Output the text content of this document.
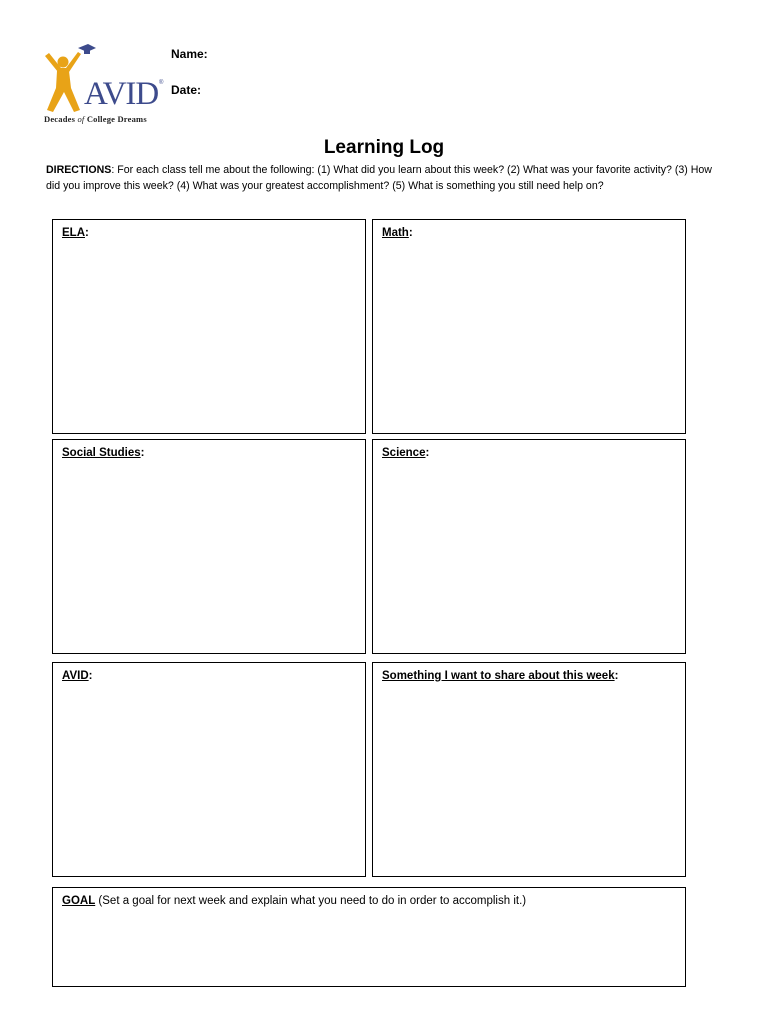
AVID ®
Decades of College Dreams
Name:
Date:
Learning Log
DIRECTIONS: For each class tell me about the following: (1) What did you learn about this week? (2) What was your favorite activity? (3) How did you improve this week? (4) What was your greatest accomplishment? (5) What is something you still need help on?
ELA:	Math:
Social Studies:	Science:
AVID:	Something I want to share about this week:
GOAL (Set a goal for next week and explain what you need to do in order to accomplish it.)
